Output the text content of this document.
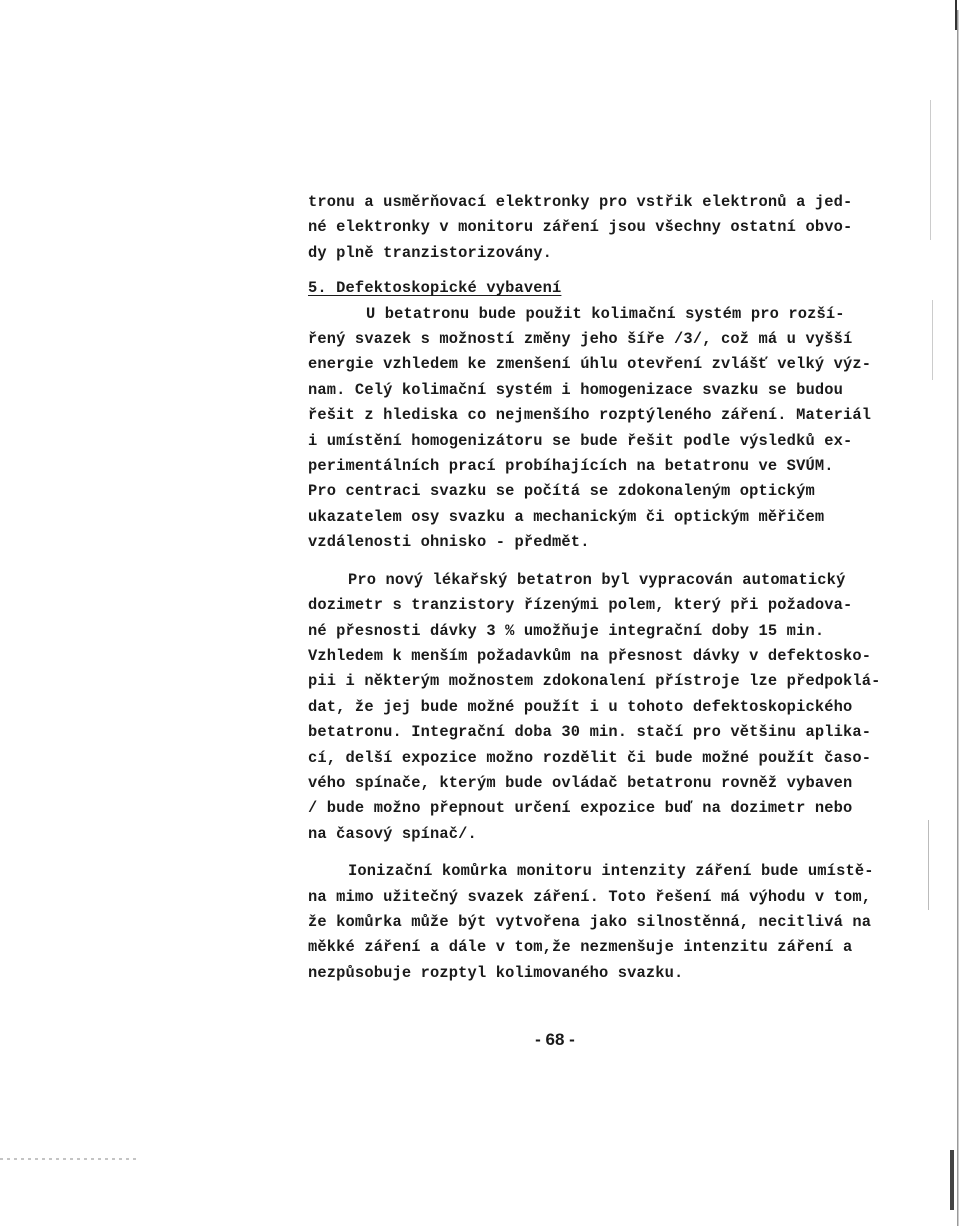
tronu a usměrňovací elektronky pro vstřik elektronů a jed-
né elektronky v monitoru záření jsou všechny ostatní obvo-
dy plně tranzistorizovány.
5. Defektoskopické vybavení
U betatronu bude použit kolimační systém pro rozší-
řený svazek s možností změny jeho šíře /3/, což má u vyšší
energie vzhledem ke zmenšení úhlu otevření zvlášť velký výz-
nam. Celý kolimační systém i homogenizace svazku se budou
řešit z hlediska co nejmenšího rozptýleného záření. Materiál
i umístění homogenizátoru se bude řešit podle výsledků ex-
perimentálních prací probíhajících na betatronu ve SVÚM.
Pro centraci svazku se počítá se zdokonaleným optickým
ukazatelem osy svazku a mechanickým či optickým měřičem
vzdálenosti ohnisko - předmět.
Pro nový lékařský betatron byl vypracován automatický
dozimetr s tranzistory řízenými polem, který při požadova-
né přesnosti dávky 3 % umožňuje integrační doby 15 min.
Vzhledem k menším požadavkům na přesnost dávky v defektosko-
pii i některým možnostem zdokonalení přístroje lze předpoklá-
dat, že jej bude možné použít i u tohoto defektoskopického
betatronu. Integrační doba 30 min. stačí pro většinu aplika-
cí, delší expozice možno rozdělit či bude možné použít časo-
vého spínače, kterým bude ovládač betatronu rovněž vybaven
/ bude možno přepnout určení expozice buď na dozimetr nebo
na časový spínač/.
Ionizační komůrka monitoru intenzity záření bude umístě-
na mimo užitečný svazek záření. Toto řešení má výhodu v tom,
že komůrka může být vytvořena jako silnostěnná, necitlivá na
měkké záření a dále v tom,že nezmenšuje intenzitu záření a
nezpůsobuje rozptyl kolimovaného svazku.
- 68 -
